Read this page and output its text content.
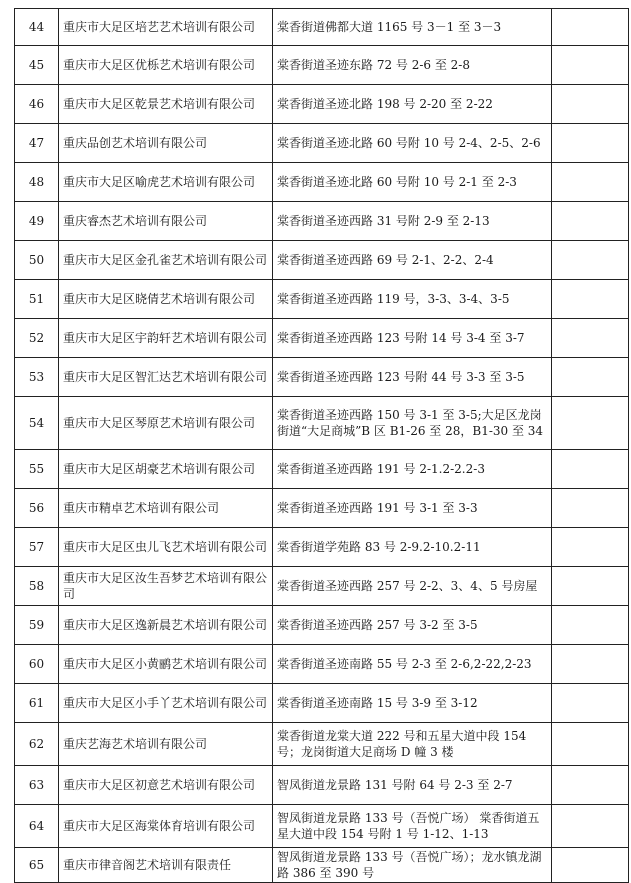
44	重庆市大足区培艺艺术培训有限公司	棠香街道佛都大道 1165 号 3－1 至 3－3	
45	重庆市大足区优栎艺术培训有限公司	棠香街道圣迹东路 72 号 2-6 至 2-8	
46	重庆市大足区乾景艺术培训有限公司	棠香街道圣迹北路 198 号 2-20 至 2-22	
47	重庆品创艺术培训有限公司	棠香街道圣迹北路 60 号附 10 号 2-4、2-5、2-6	
48	重庆市大足区喻虎艺术培训有限公司	棠香街道圣迹北路 60 号附 10 号 2-1 至 2-3	
49	重庆睿杰艺术培训有限公司	棠香街道圣迹西路 31 号附 2-9 至 2-13	
50	重庆市大足区金孔雀艺术培训有限公司	棠香街道圣迹西路 69 号 2-1、2-2、2-4	
51	重庆市大足区晓倩艺术培训有限公司	棠香街道圣迹西路 119 号，3-3、3-4、3-5	
52	重庆市大足区宇韵轩艺术培训有限公司	棠香街道圣迹西路 123 号附 14 号 3-4 至 3-7	
53	重庆市大足区智汇达艺术培训有限公司	棠香街道圣迹西路 123 号附 44 号 3-3 至 3-5	
54	重庆市大足区琴原艺术培训有限公司	棠香街道圣迹西路 150 号 3-1 至 3-5;大足区龙岗街道“大足商城”B 区 B1-26 至 28，B1-30 至 34	
55	重庆市大足区胡豪艺术培训有限公司	棠香街道圣迹西路 191 号 2-1.2-2.2-3	
56	重庆市精卓艺术培训有限公司	棠香街道圣迹西路 191 号 3-1 至 3-3	
57	重庆市大足区虫儿飞艺术培训有限公司	棠香街道学苑路 83 号 2-9.2-10.2-11	
58	重庆市大足区汝生吾梦艺术培训有限公司	棠香街道圣迹西路 257 号 2-2、3、4、5 号房屋	
59	重庆市大足区逸新晨艺术培训有限公司	棠香街道圣迹西路 257 号 3-2 至 3-5	
60	重庆市大足区小黄鹂艺术培训有限公司	棠香街道圣迹南路 55 号 2-3 至 2-6,2-22,2-23	
61	重庆市大足区小手丫艺术培训有限公司	棠香街道圣迹南路 15 号 3-9 至 3-12	
62	重庆艺海艺术培训有限公司	棠香街道龙棠大道 222 号和五星大道中段 154 号；龙岗街道大足商场 D 幢 3 楼	
63	重庆市大足区初意艺术培训有限公司	智凤街道龙景路 131 号附 64 号 2-3 至 2-7	
64	重庆市大足区海棠体育培训有限公司	智凤街道龙景路 133 号（吾悦广场） 棠香街道五星大道中段 154 号附 1 号 1-12、1-13	
65	重庆市律音阁艺术培训有限责任	智凤街道龙景路 133 号（吾悦广场）；龙水镇龙湖路 386 至 390 号	
